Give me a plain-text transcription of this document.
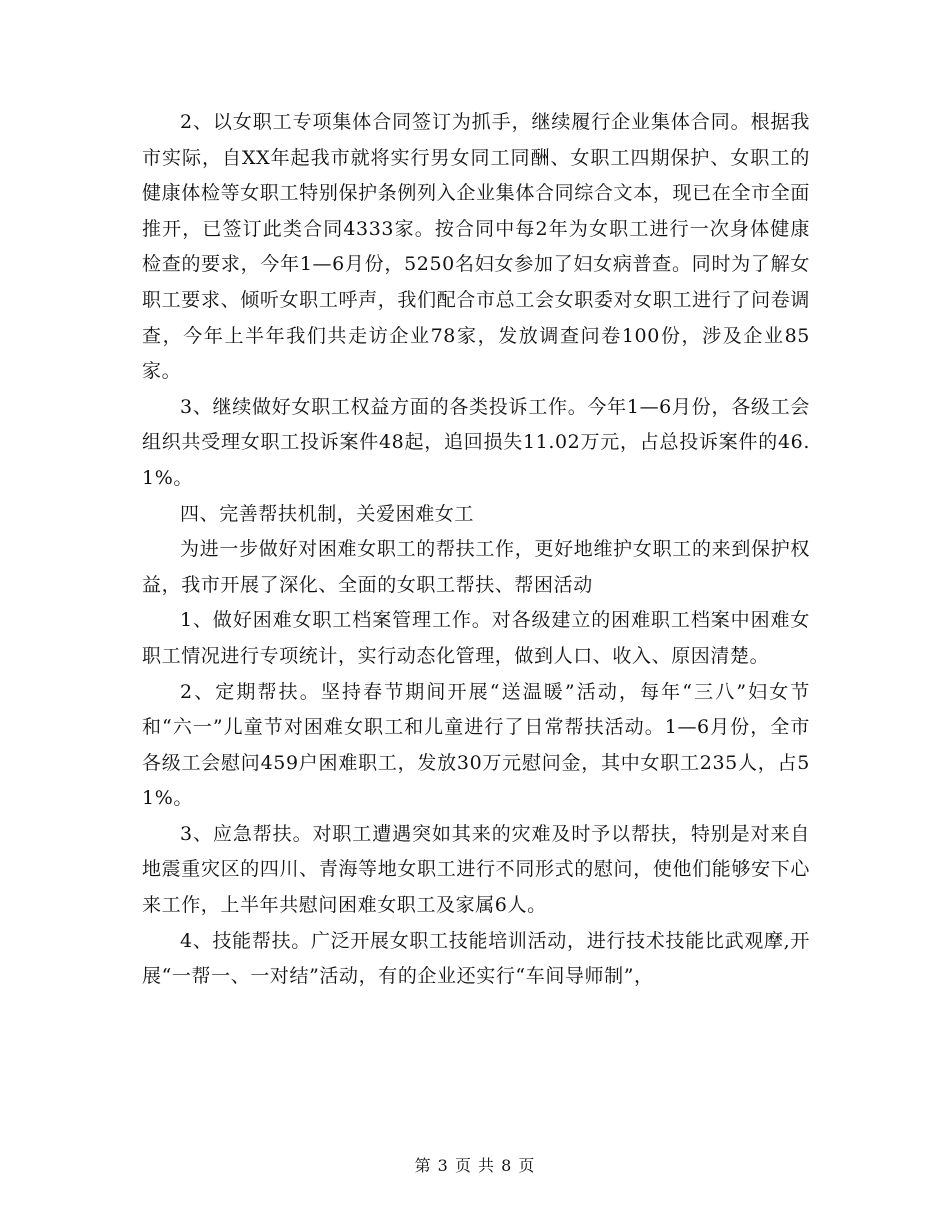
2、以女职工专项集体合同签订为抓手，继续履行企业集体合同。根据我市实际，自XX年起我市就将实行男女同工同酬、女职工四期保护、女职工的健康体检等女职工特别保护条例列入企业集体合同综合文本，现已在全市全面推开，已签订此类合同4333家。按合同中每2年为女职工进行一次身体健康检查的要求，今年1—6月份，5250名妇女参加了妇女病普查。同时为了解女职工要求、倾听女职工呼声，我们配合市总工会女职委对女职工进行了问卷调查，今年上半年我们共走访企业78家，发放调查问卷100份，涉及企业85家。

3、继续做好女职工权益方面的各类投诉工作。今年1—6月份，各级工会组织共受理女职工投诉案件48起，追回损失11.02万元，占总投诉案件的46.1%。

四、完善帮扶机制，关爱困难女工

为进一步做好对困难女职工的帮扶工作，更好地维护女职工的来到保护权益，我市开展了深化、全面的女职工帮扶、帮困活动

1、做好困难女职工档案管理工作。对各级建立的困难职工档案中困难女职工情况进行专项统计，实行动态化管理，做到人口、收入、原因清楚。

2、定期帮扶。坚持春节期间开展“送温暖”活动，每年“三八”妇女节和“六一”儿童节对困难女职工和儿童进行了日常帮扶活动。1—6月份，全市各级工会慰问459户困难职工，发放30万元慰问金，其中女职工235人，占51%。

3、应急帮扶。对职工遭遇突如其来的灾难及时予以帮扶，特别是对来自地震重灾区的四川、青海等地女职工进行不同形式的慰问，使他们能够安下心来工作，上半年共慰问困难女职工及家属6人。

4、技能帮扶。广泛开展女职工技能培训活动，进行技术技能比武观摩,开展“一帮一、一对结”活动，有的企业还实行“车间导师制”，

第 3 页 共 8 页
